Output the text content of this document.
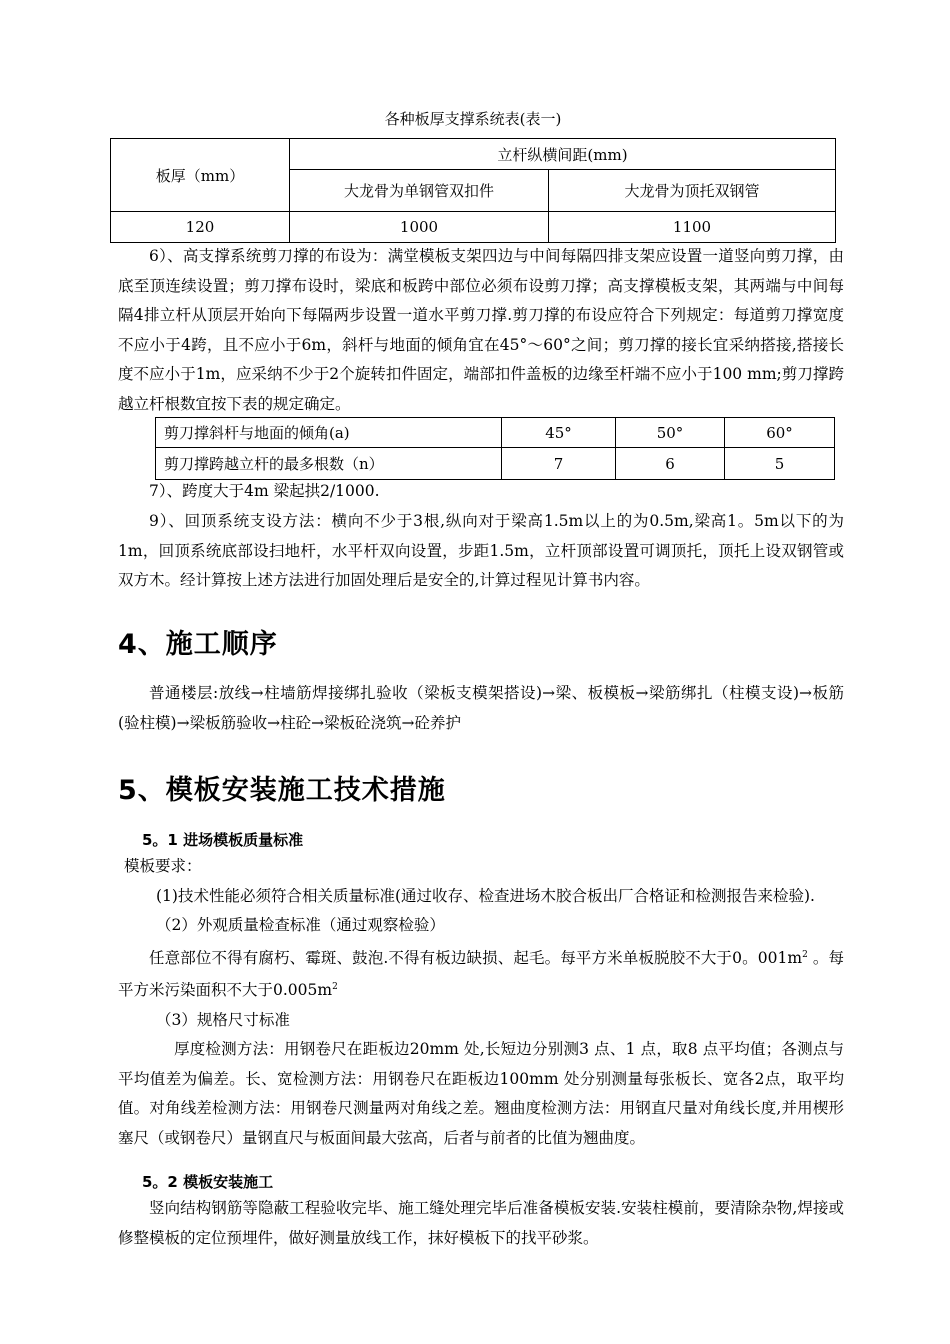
各种板厚支撑系统表(表一)
板厚（mm）	立杆纵横间距(mm)	
	大龙骨为单钢管双扣件	大龙骨为顶托双钢管
120	1000	1100

6）、高支撑系统剪刀撑的布设为：满堂模板支架四边与中间每隔四排支架应设置一道竖向剪刀撑，由底至顶连续设置；剪刀撑布设时，梁底和板跨中部位必须布设剪刀撑；高支撑模板支架，其两端与中间每隔4排立杆从顶层开始向下每隔两步设置一道水平剪刀撑.剪刀撑的布设应符合下列规定：每道剪刀撑宽度不应小于4跨，且不应小于6m，斜杆与地面的倾角宜在45°～60°之间；剪刀撑的接长宜采纳搭接,搭接长度不应小于1m，应采纳不少于2个旋转扣件固定，端部扣件盖板的边缘至杆端不应小于100 mm;剪刀撑跨越立杆根数宜按下表的规定确定。

剪刀撑斜杆与地面的倾角(a)	45°	50°	60°
剪刀撑跨越立杆的最多根数（n）	7	6	5

7）、跨度大于4m 梁起拱2/1000.

9）、回顶系统支设方法：横向不少于3根,纵向对于梁高1.5m以上的为0.5m,梁高1。5m以下的为1m，回顶系统底部设扫地杆，水平杆双向设置，步距1.5m，立杆顶部设置可调顶托，顶托上设双钢管或双方木。经计算按上述方法进行加固处理后是安全的,计算过程见计算书内容。

4、施工顺序

普通楼层:放线→柱墙筋焊接绑扎验收（梁板支模架搭设)→梁、板模板→梁筋绑扎（柱模支设)→板筋(验柱模)→梁板筋验收→柱砼→梁板砼浇筑→砼养护

5、模板安装施工技术措施
5。1 进场模板质量标准

模板要求：

(1)技术性能必须符合相关质量标准(通过收存、检查进场木胶合板出厂合格证和检测报告来检验).

（2）外观质量检查标准（通过观察检验）

任意部位不得有腐朽、霉斑、鼓泡.不得有板边缺损、起毛。每平方米单板脱胶不大于0。$001m^2$ 。每平方米污染面积不大于$0.005m^2$

（3）规格尺寸标准

厚度检测方法：用钢卷尺在距板边20mm 处,长短边分别测3 点、1 点，取8 点平均值；各测点与平均值差为偏差。长、宽检测方法：用钢卷尺在距板边100mm 处分别测量每张板长、宽各2点，取平均值。对角线差检测方法：用钢卷尺测量两对角线之差。翘曲度检测方法：用钢直尺量对角线长度,并用楔形塞尺（或钢卷尺）量钢直尺与板面间最大弦高，后者与前者的比值为翘曲度。

5。2 模板安装施工

竖向结构钢筋等隐蔽工程验收完毕、施工缝处理完毕后准备模板安装.安装柱模前，要清除杂物,焊接或修整模板的定位预埋件，做好测量放线工作，抹好模板下的找平砂浆。
